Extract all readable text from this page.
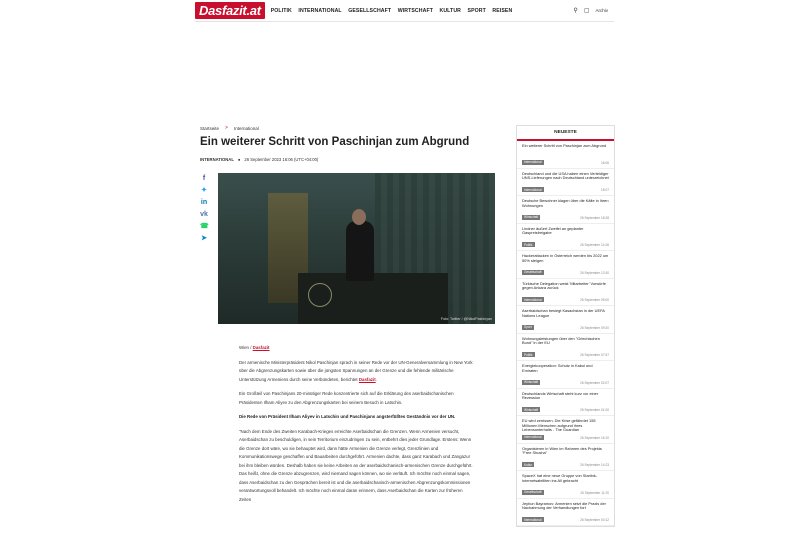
Dasfazit.at	POLITIK INTERNATIONAL GESELLSCHAFT WIRTSCHAFT KULTUR SPORT REISEN	⚲ ▢ Archiv
Startseite > International
Ein weiterer Schritt von Paschinjan zum Abgrund
INTERNATIONAL ● 26 September 2023 16:06 (UTC+04:00)
f
✦
in
vk
☎
➤
Foto: Twitter / @NikolPashinyan

Wien / Dasfazit

Der armenische Ministerpräsident Nikol Paschinjan sprach in seiner Rede vor der UN-Generalversammlung in New York über die Abgrenzungskarten sowie über die jüngsten Spannungen an der Grenze und die fehlende militärische Unterstützung Armeniens durch seine Verbündeten, berichtet Dasfazit.

Ein Großteil von Paschinjans 20-minütiger Rede konzentrierte sich auf die Erklärung des aserbaidschanischen Präsidenten Ilham Aliyev zu den Abgrenzungskarten bei seinem Besuch in Latschin.

Die Rede von Präsident Ilham Aliyev in Latschin und Paschinjans angsterfülltes Geständnis vor der UN.

"Nach dem Ende des Zweiten Karabach-Krieges erreichte Aserbaidschan die Grenzen. Wenn Armenien versucht, Aserbaidschan zu beschuldigen, in sein Territorium einzudringen zu sein, entbehrt dies jeder Grundlage. Erstens: Wenn die Grenze dort wäre, wo sie behauptet wird, dann hätte Armenien die Grenze verlegt, Grenzlinien und Kommunikationswege geschaffen und Bauarbeiten durchgeführt. Armenien dachte, dass ganz Karabach und Zangazur bei ihm bleiben würden. Deshalb haben sie keine Arbeiten an der aserbaidschanisch-armenischen Grenze durchgeführt. Das heißt, ohne die Grenze abzugrenzen, wird niemand sagen können, wo sie verläuft. Ich möchte noch einmal sagen, dass Aserbaidschan zu den Gesprächen bereit ist und die aserbaidschanisch-armenischen Abgrenzungskommissionen verantwortungsvoll behandelt. Ich möchte noch einmal daran erinnern, dass Aserbaidschan die Karten zur früheren Zeiten

NEUESTE
Ein weiterer Schritt von Paschinjan zum Abgrund
International	16:06
Deutschland und die USA haben einen Verteidiger UNS-Lieferungen nach Deutschland unterzeichnet
International	15:07
Deutsche Bewohner klagen über die Kälte in ihren Wohnungen
Wirtschaft	26 September 18:28
Lindner äußert Zweifel an geplanter Gaspreisfreigabe
Politik	26 September 14:26
Hackerattacken in Österreich werden bis 2022 um 50% steigen
Gesellschaft	26 September 13:30
Türkische Delegation weist 'Mitarbeiter' Vorwürfe gegen Ankara zurück
International	26 September 09:00
Aserbaidschan besiegt Kasachstan in der UEFA Nations League
Sport	26 September 09:20
Wohnungsleistungen über den "Griechischen Bund" in der EU
Politik	26 September 07:57
Energiekooperation: Schutz in Kabul und Emiraten
Wirtschaft	26 September 02:07
Deutschlands Wirtschaft steht kurz vor einer Rezession
Wirtschaft	26 September 01:00
EU wird zerrissen: Die Krise gefährdet 155 Millionen Menschen aufgrund ihres Lebensunterhalts - The Guardian
International	26 September 16:10
Organisieren in Wien im Rahmen des Projekts "Free Shusha"
Kultur	26 September 14:23
SpaceX hat eine neue Gruppe von Starlink-Internetsatelliten ins All gebracht
Gesellschaft	26 September 11:20
Jeyhun Bayramov: Armenien setzt die Praxis der Nachahmung der Verhandlungen fort
International	26 September 00:12
